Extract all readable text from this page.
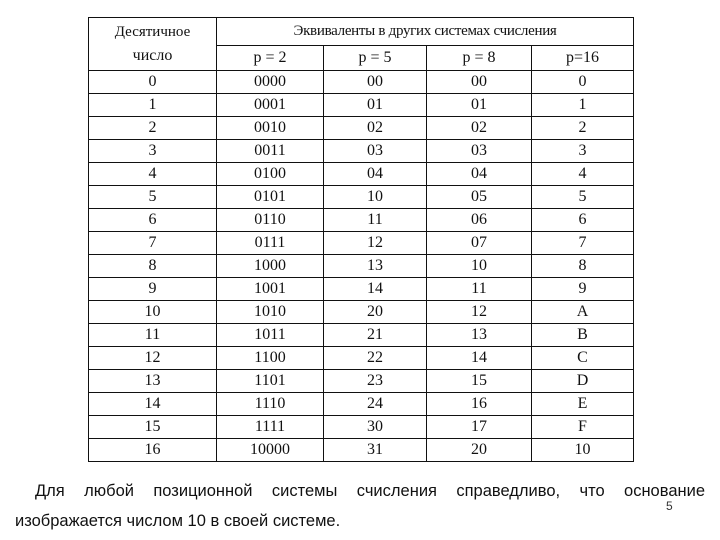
Десятичное
число	Эквиваленты в других системах счисления			
	p = 2	p = 5	p = 8	p=16
0	0000	00	00	0
1	0001	01	01	1
2	0010	02	02	2
3	0011	03	03	3
4	0100	04	04	4
5	0101	10	05	5
6	0110	11	06	6
7	0111	12	07	7
8	1000	13	10	8
9	1001	14	11	9
10	1010	20	12	A
11	1011	21	13	B
12	1100	22	14	C
13	1101	23	15	D
14	1110	24	16	E
15	1111	30	17	F
16	10000	31	20	10
Для любой позиционной системы счисления справедливо, что основание
изображается числом 10 в своей системе.
5
